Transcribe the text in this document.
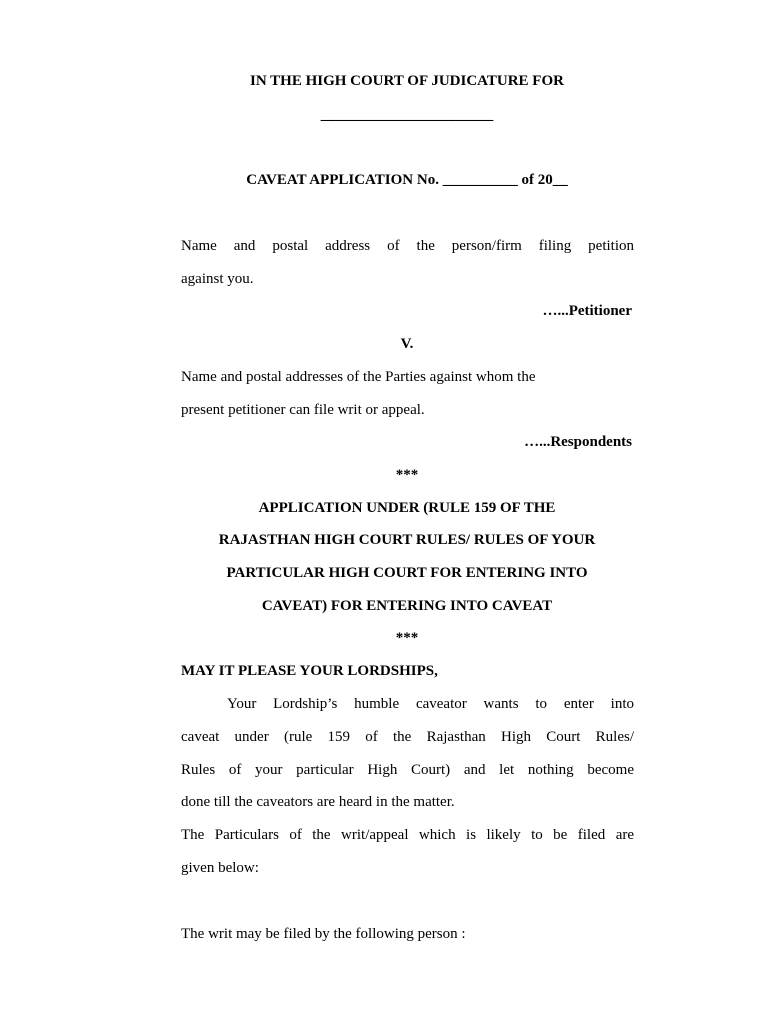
IN THE HIGH COURT OF JUDICATURE FOR
_______________________
CAVEAT APPLICATION No. __________ of 20__
Name and postal address of the person/firm filing petition
against you.
…...Petitioner
V.
Name and postal addresses of the Parties against whom the
present petitioner can file writ or appeal.
…...Respondents
***
APPLICATION UNDER (RULE 159 OF THE
RAJASTHAN HIGH COURT RULES/ RULES OF YOUR
PARTICULAR HIGH COURT FOR ENTERING INTO
CAVEAT) FOR ENTERING INTO CAVEAT
***
MAY IT PLEASE YOUR LORDSHIPS,
Your Lordship’s humble caveator wants to enter into
caveat under (rule 159 of the Rajasthan High Court Rules/
Rules of your particular High Court) and let nothing become
done till the caveators are heard in the matter.
The Particulars of the writ/appeal which is likely to be filed are
given below:
The writ may be filed by the following person :
